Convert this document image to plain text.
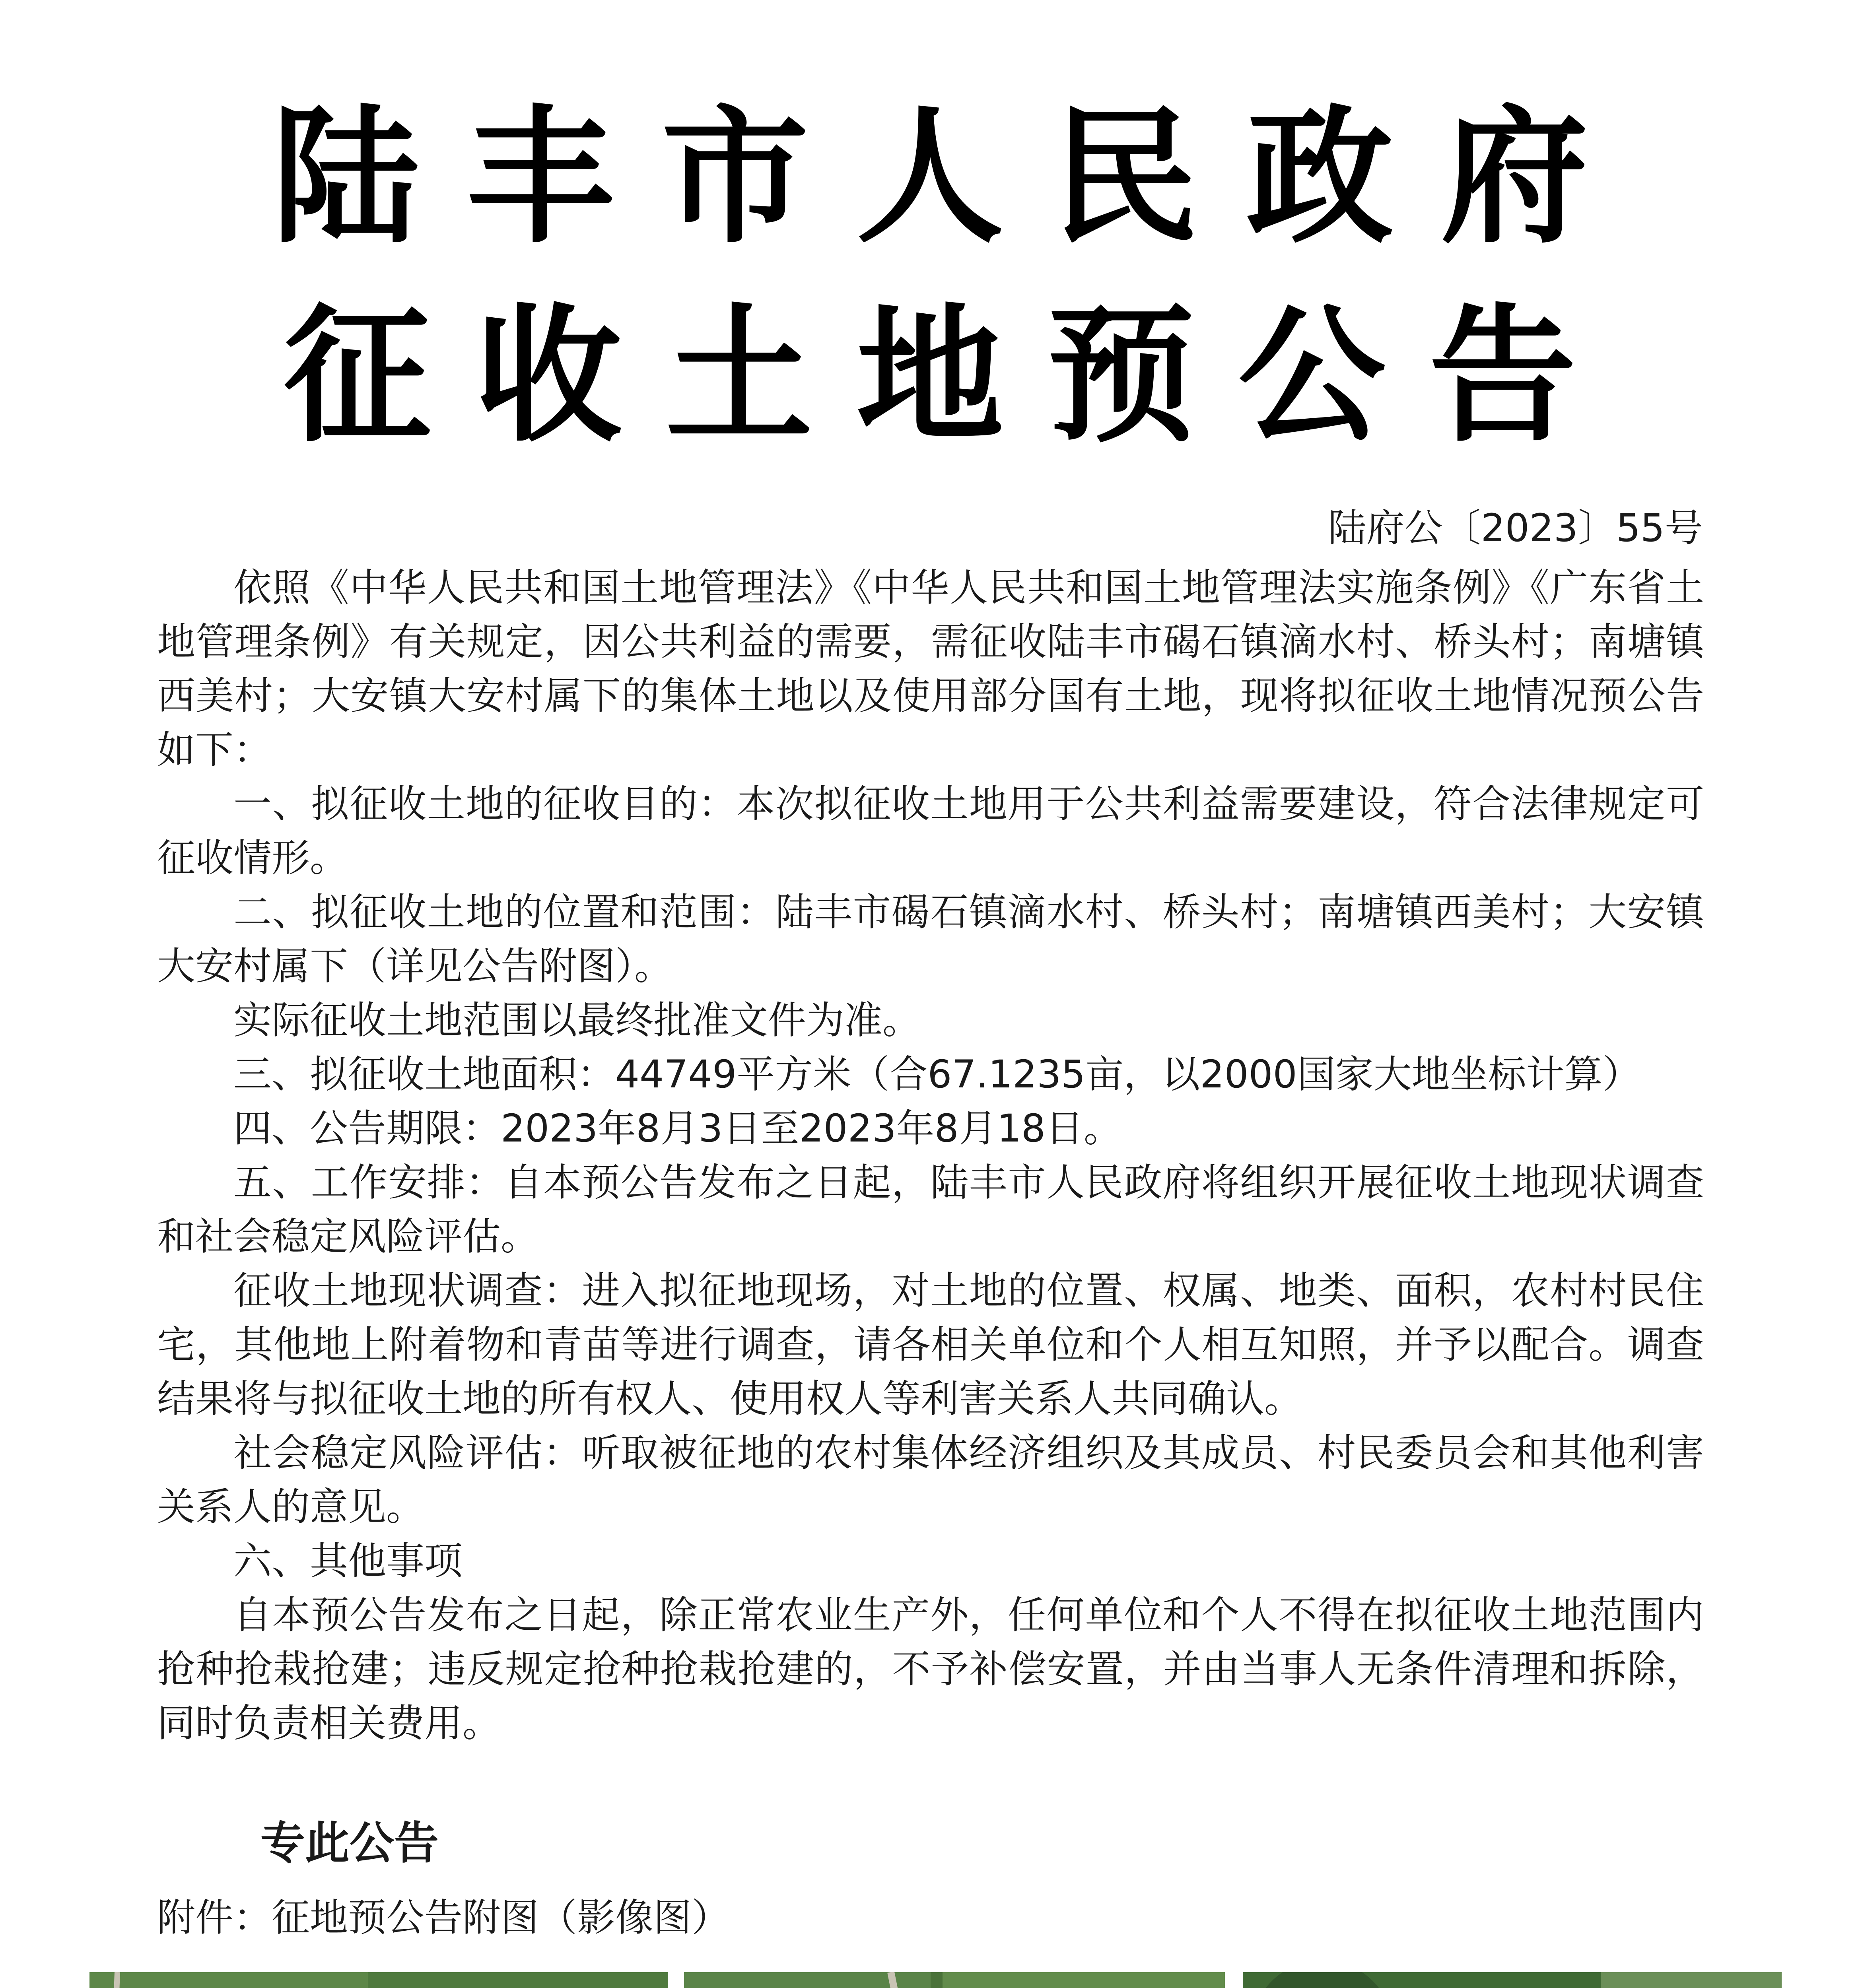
陆丰市人民政府
征收土地预公告
陆府公〔2023〕55号

依照《中华人民共和国土地管理法》《中华人民共和国土地管理法实施条例》《广东省土地管理条例》有关规定，因公共利益的需要，需征收陆丰市碣石镇滴水村、桥头村；南塘镇西美村；大安镇大安村属下的集体土地以及使用部分国有土地，现将拟征收土地情况预公告如下：

一、拟征收土地的征收目的：本次拟征收土地用于公共利益需要建设，符合法律规定可征收情形。

二、拟征收土地的位置和范围：陆丰市碣石镇滴水村、桥头村；南塘镇西美村；大安镇大安村属下（详见公告附图）。

实际征收土地范围以最终批准文件为准。

三、拟征收土地面积：44749平方米（合67.1235亩，以2000国家大地坐标计算）

四、公告期限：2023年8月3日至2023年8月18日。

五、工作安排：自本预公告发布之日起，陆丰市人民政府将组织开展征收土地现状调查和社会稳定风险评估。

征收土地现状调查：进入拟征地现场，对土地的位置、权属、地类、面积，农村村民住宅，其他地上附着物和青苗等进行调查，请各相关单位和个人相互知照，并予以配合。调查结果将与拟征收土地的所有权人、使用权人等利害关系人共同确认。

社会稳定风险评估：听取被征地的农村集体经济组织及其成员、村民委员会和其他利害关系人的意见。

六、其他事项

自本预公告发布之日起，除正常农业生产外，任何单位和个人不得在拟征收土地范围内抢种抢栽抢建；违反规定抢种抢栽抢建的，不予补偿安置，并由当事人无条件清理和拆除，同时负责相关费用。

专此公告
附件：征地预公告附图（影像图）
